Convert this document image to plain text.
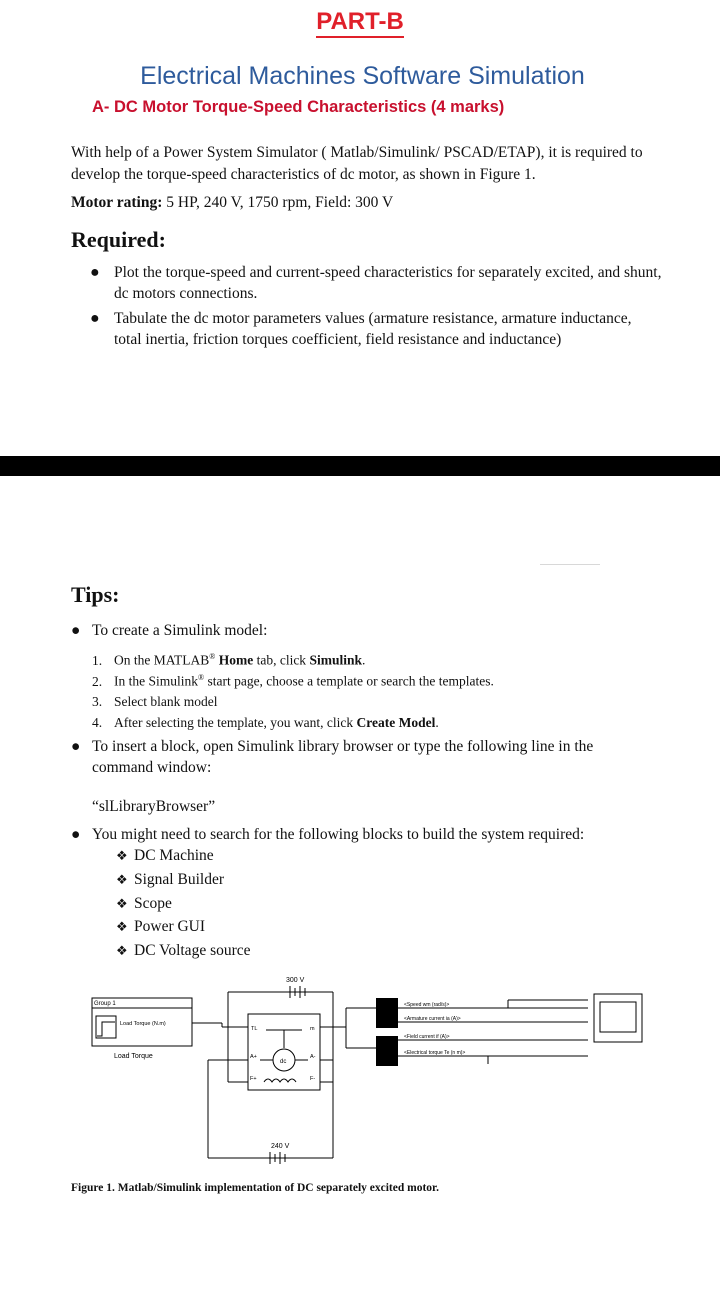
PART-B
Electrical Machines Software Simulation
A- DC Motor Torque-Speed Characteristics (4 marks)
With help of a Power System Simulator ( Matlab/Simulink/ PSCAD/ETAP), it is required to develop the torque-speed characteristics of dc motor, as shown in Figure 1.
Motor rating: 5 HP, 240 V, 1750 rpm, Field: 300 V
Required:
● Plot the torque-speed and current-speed characteristics for separately excited, and shunt, dc motors connections.
● Tabulate the dc motor parameters values (armature resistance, armature inductance, total inertia, friction torques coefficient, field resistance and inductance)
Tips:
● To create a Simulink model:
1. On the MATLAB® Home tab, click Simulink.
2. In the Simulink® start page, choose a template or search the templates.
3. Select blank model
4. After selecting the template, you want, click Create Model.
● To insert a block, open Simulink library browser or type the following line in the command window:
“slLibraryBrowser”
● You might need to search for the following blocks to build the system required:
❖ DC Machine
❖ Signal Builder
❖ Scope
❖ Power GUI
❖ DC Voltage source
300 V
240 V
Group 1
Load Torque (N.m)
Load Torque
dc
TL	m
A+	A-
F+	F-
<Speed wm (rad/s)>
<Armature current ia (A)>
<Field current if (A)>
<Electrical torque Te (n m)>
Figure 1. Matlab/Simulink implementation of DC separately excited motor.
